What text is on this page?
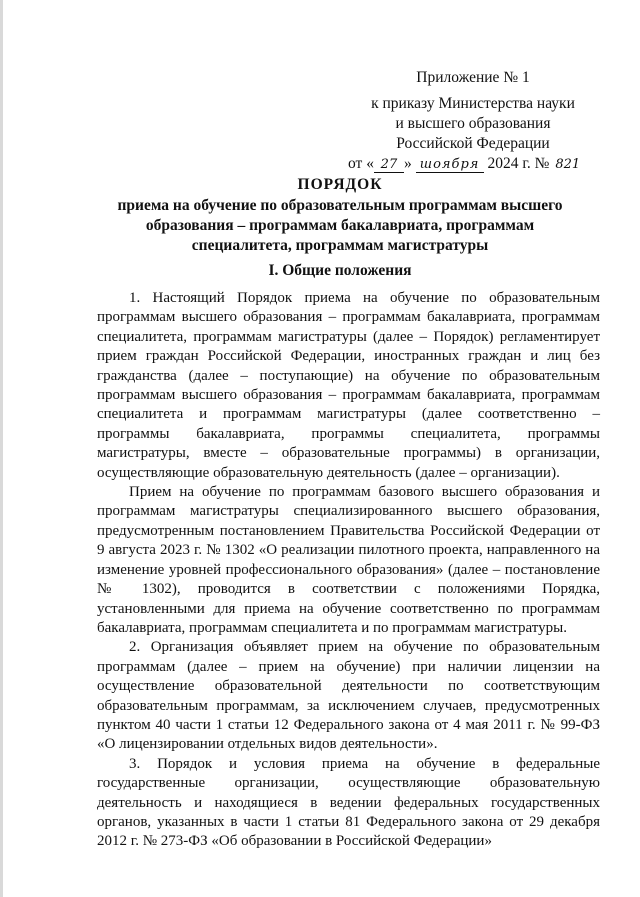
Приложение № 1
к приказу Министерства науки
и высшего образования
Российской Федерации
от « 27 » шоября 2024 г. № 821
ПОРЯДОК
приема на обучение по образовательным программам высшего образования – программам бакалавриата, программам специалитета, программам магистратуры
I. Общие положения

1. Настоящий Порядок приема на обучение по образовательным программам высшего образования – программам бакалавриата, программам специалитета, программам магистратуры (далее – Порядок) регламентирует прием граждан Российской Федерации, иностранных граждан и лиц без гражданства (далее – поступающие) на обучение по образовательным программам высшего образования – программам бакалавриата, программам специалитета и программам магистратуры (далее соответственно – программы бакалавриата, программы специалитета, программы магистратуры, вместе – образовательные программы) в организации, осуществляющие образовательную деятельность (далее – организации).

Прием на обучение по программам базового высшего образования и программам магистратуры специализированного высшего образования, предусмотренным постановлением Правительства Российской Федерации от 9 августа 2023 г. № 1302 «О реализации пилотного проекта, направленного на изменение уровней профессионального образования» (далее – постановление № 1302), проводится в соответствии с положениями Порядка, установленными для приема на обучение соответственно по программам бакалавриата, программам специалитета и по программам магистратуры.

2. Организация объявляет прием на обучение по образовательным программам (далее – прием на обучение) при наличии лицензии на осуществление образовательной деятельности по соответствующим образовательным программам, за исключением случаев, предусмотренных пунктом 40 части 1 статьи 12 Федерального закона от 4 мая 2011 г. № 99-ФЗ «О лицензировании отдельных видов деятельности».

3. Порядок и условия приема на обучение в федеральные государственные организации, осуществляющие образовательную деятельность и находящиеся в ведении федеральных государственных органов, указанных в части 1 статьи 81 Федерального закона от 29 декабря 2012 г. № 273-ФЗ «Об образовании в Российской Федерации»
